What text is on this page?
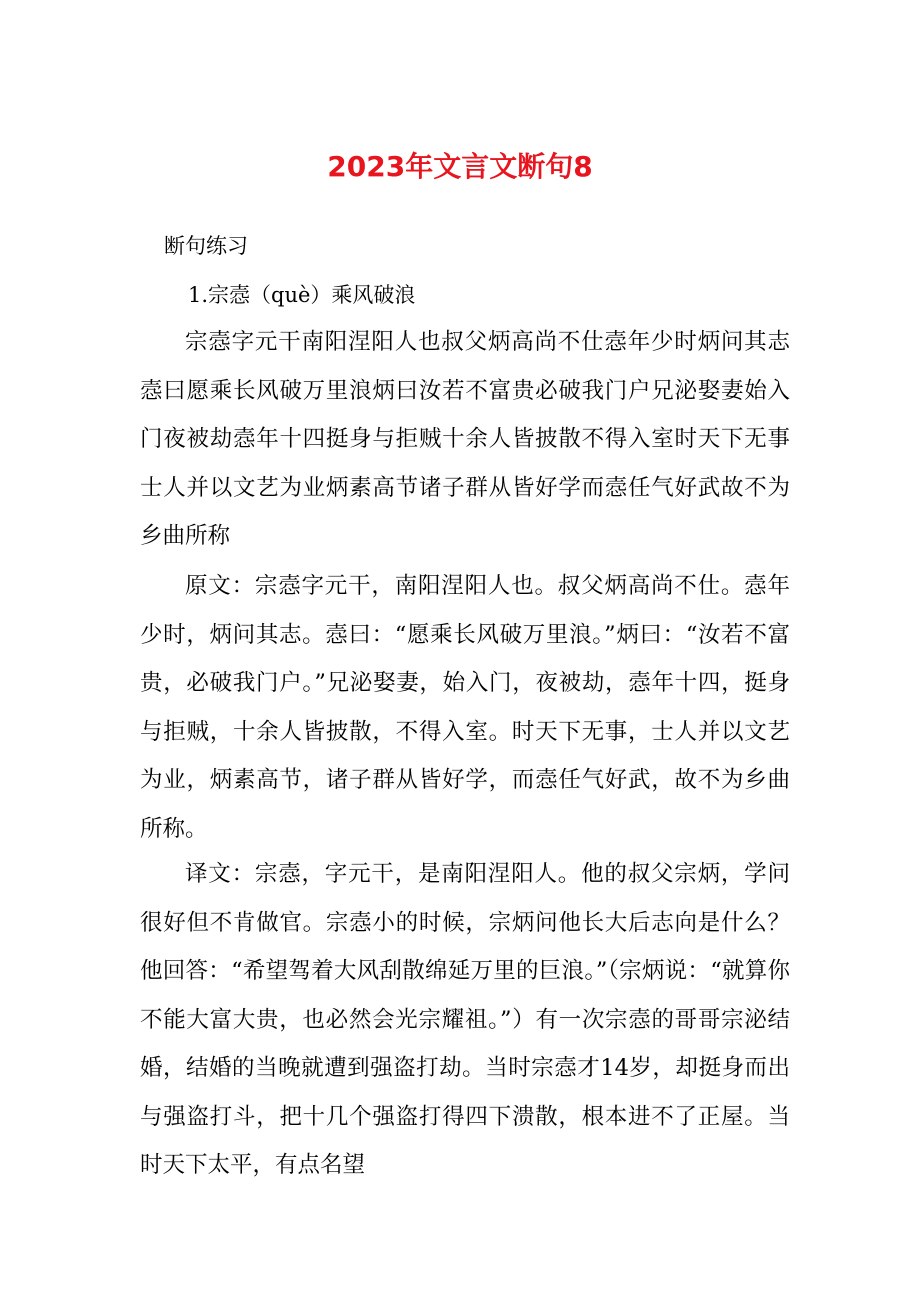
2023年文言文断句8
断句练习
1.宗悫（què）乘风破浪

宗悫字元干南阳涅阳人也叔父炳高尚不仕悫年少时炳问其志悫曰愿乘长风破万里浪炳曰汝若不富贵必破我门户兄泌娶妻始入门夜被劫悫年十四挺身与拒贼十余人皆披散不得入室时天下无事士人并以文艺为业炳素高节诸子群从皆好学而悫任气好武故不为乡曲所称

原文：宗悫字元干，南阳涅阳人也。叔父炳高尚不仕。悫年少时，炳问其志。悫曰：“愿乘长风破万里浪。”炳曰：“汝若不富贵，必破我门户。”兄泌娶妻，始入门，夜被劫，悫年十四，挺身与拒贼，十余人皆披散，不得入室。时天下无事，士人并以文艺为业，炳素高节，诸子群从皆好学，而悫任气好武，故不为乡曲所称。

译文：宗悫，字元干，是南阳涅阳人。他的叔父宗炳，学问很好但不肯做官。宗悫小的时候，宗炳问他长大后志向是什么？他回答：“希望驾着大风刮散绵延万里的巨浪。”（宗炳说：“就算你不能大富大贵，也必然会光宗耀祖。”）有一次宗悫的哥哥宗泌结婚，结婚的当晚就遭到强盗打劫。当时宗悫才14岁，却挺身而出与强盗打斗，把十几个强盗打得四下溃散，根本进不了正屋。当时天下太平，有点名望
